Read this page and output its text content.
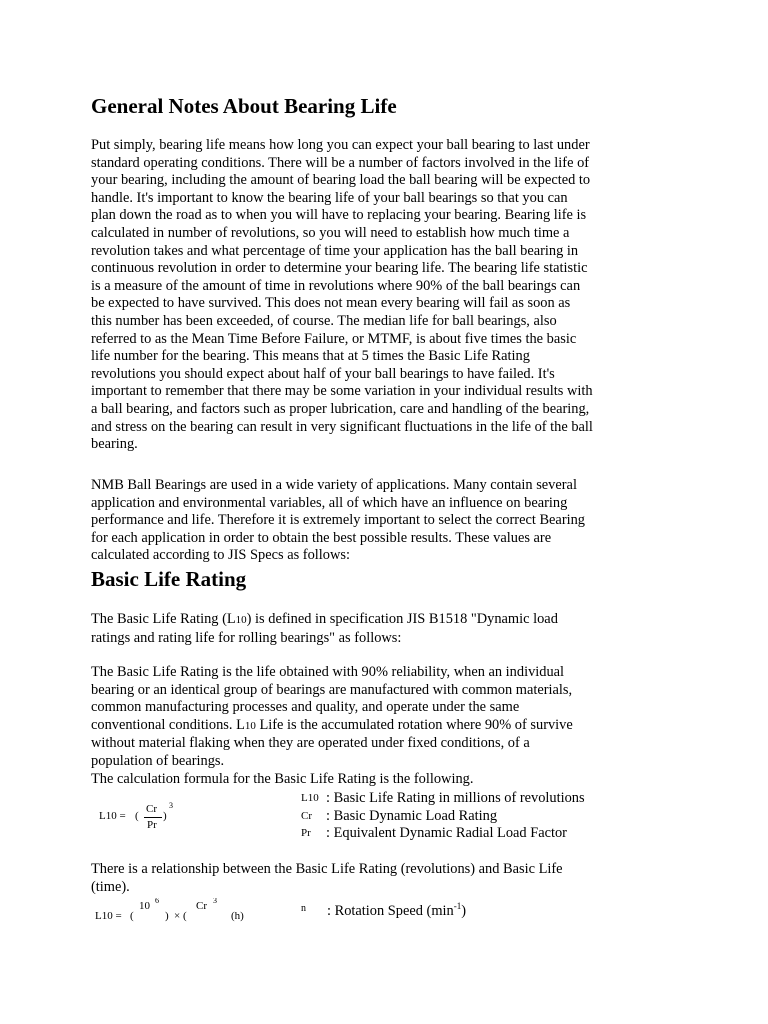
General Notes About Bearing Life
Put simply, bearing life means how long you can expect your ball bearing to last under
standard operating conditions. There will be a number of factors involved in the life of
your bearing, including the amount of bearing load the ball bearing will be expected to
handle. It's important to know the bearing life of your ball bearings so that you can
plan down the road as to when you will have to replacing your bearing. Bearing life is
calculated in number of revolutions, so you will need to establish how much time a
revolution takes and what percentage of time your application has the ball bearing in
continuous revolution in order to determine your bearing life. The bearing life statistic
is a measure of the amount of time in revolutions where 90% of the ball bearings can
be expected to have survived. This does not mean every bearing will fail as soon as
this number has been exceeded, of course. The median life for ball bearings, also
referred to as the Mean Time Before Failure, or MTMF, is about five times the basic
life number for the bearing. This means that at 5 times the Basic Life Rating
revolutions you should expect about half of your ball bearings to have failed. It's
important to remember that there may be some variation in your individual results with
a ball bearing, and factors such as proper lubrication, care and handling of the bearing,
and stress on the bearing can result in very significant fluctuations in the life of the ball
bearing.
NMB Ball Bearings are used in a wide variety of applications. Many contain several
application and environmental variables, all of which have an influence on bearing
performance and life. Therefore it is extremely important to select the correct Bearing
for each application in order to obtain the best possible results. These values are
calculated according to JIS Specs as follows:
Basic Life Rating
The Basic Life Rating (L10) is defined in specification JIS B1518 "Dynamic load
ratings and rating life for rolling bearings" as follows:
The Basic Life Rating is the life obtained with 90% reliability, when an individual
bearing or an identical group of bearings are manufactured with common materials,
common manufacturing processes and quality, and operate under the same
conventional conditions. L10 Life is the accumulated rotation where 90% of survive
without material flaking when they are operated under fixed conditions, of a
population of bearings.
The calculation formula for the Basic Life Rating is the following.
L10 = (
Cr
Pr
)
3
L10 : Basic Life Rating in millions of revolutions
Cr : Basic Dynamic Load Rating
Pr : Equivalent Dynamic Radial Load Factor
There is a relationship between the Basic Life Rating (revolutions) and Basic Life
(time).
L10 = (
10 6
) × (
Cr 3
(h)
n : Rotation Speed $(\min^{-1})$
